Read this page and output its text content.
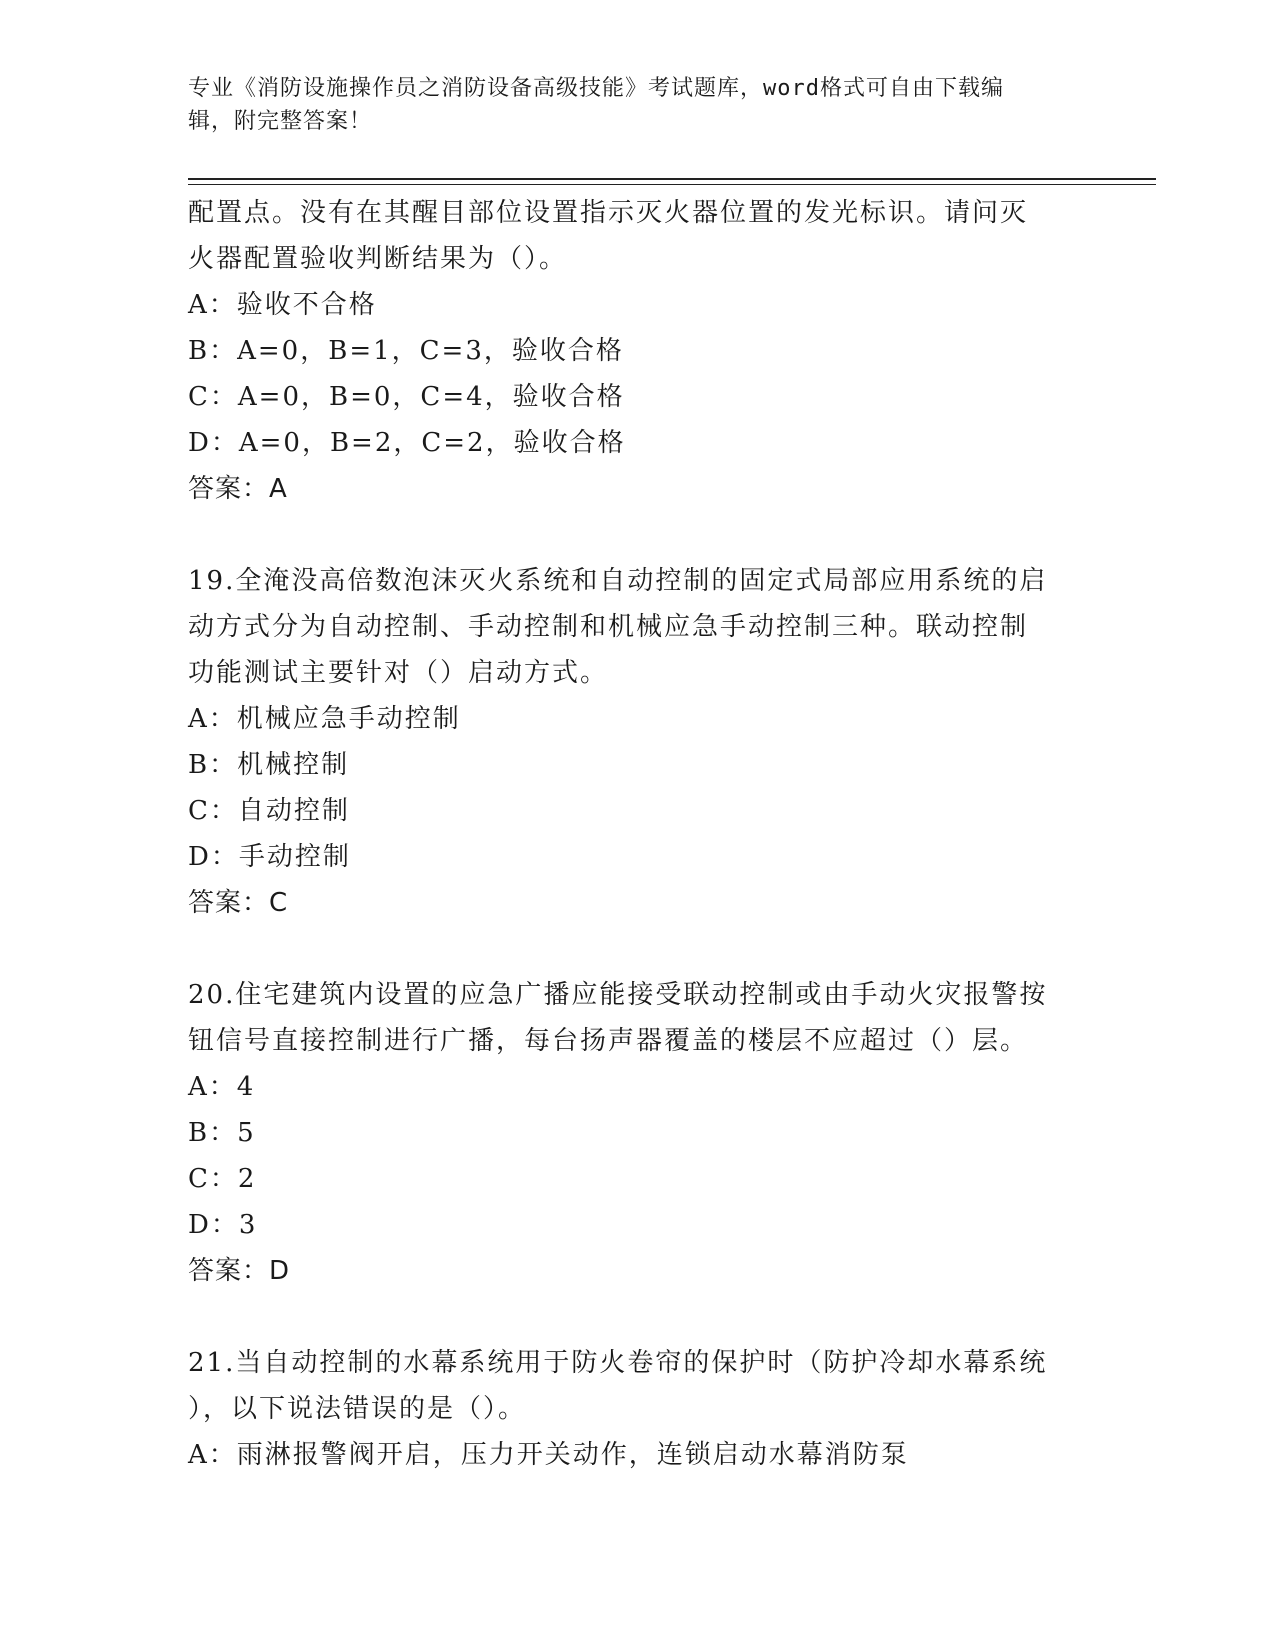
专业《消防设施操作员之消防设备高级技能》考试题库，word格式可自由下载编
辑，附完整答案！
配置点。没有在其醒目部位设置指示灭火器位置的发光标识。请问灭
火器配置验收判断结果为（）。
A：验收不合格
B：A=0，B=1，C=3，验收合格
C：A=0，B=0，C=4，验收合格
D：A=0，B=2，C=2，验收合格
答案：A
19.全淹没高倍数泡沫灭火系统和自动控制的固定式局部应用系统的启
动方式分为自动控制、手动控制和机械应急手动控制三种。联动控制
功能测试主要针对（）启动方式。
A：机械应急手动控制
B：机械控制
C：自动控制
D：手动控制
答案：C
20.住宅建筑内设置的应急广播应能接受联动控制或由手动火灾报警按
钮信号直接控制进行广播，每台扬声器覆盖的楼层不应超过（）层。
A：4
B：5
C：2
D：3
答案：D
21.当自动控制的水幕系统用于防火卷帘的保护时（防护冷却水幕系统
），以下说法错误的是（）。
A：雨淋报警阀开启，压力开关动作，连锁启动水幕消防泵
